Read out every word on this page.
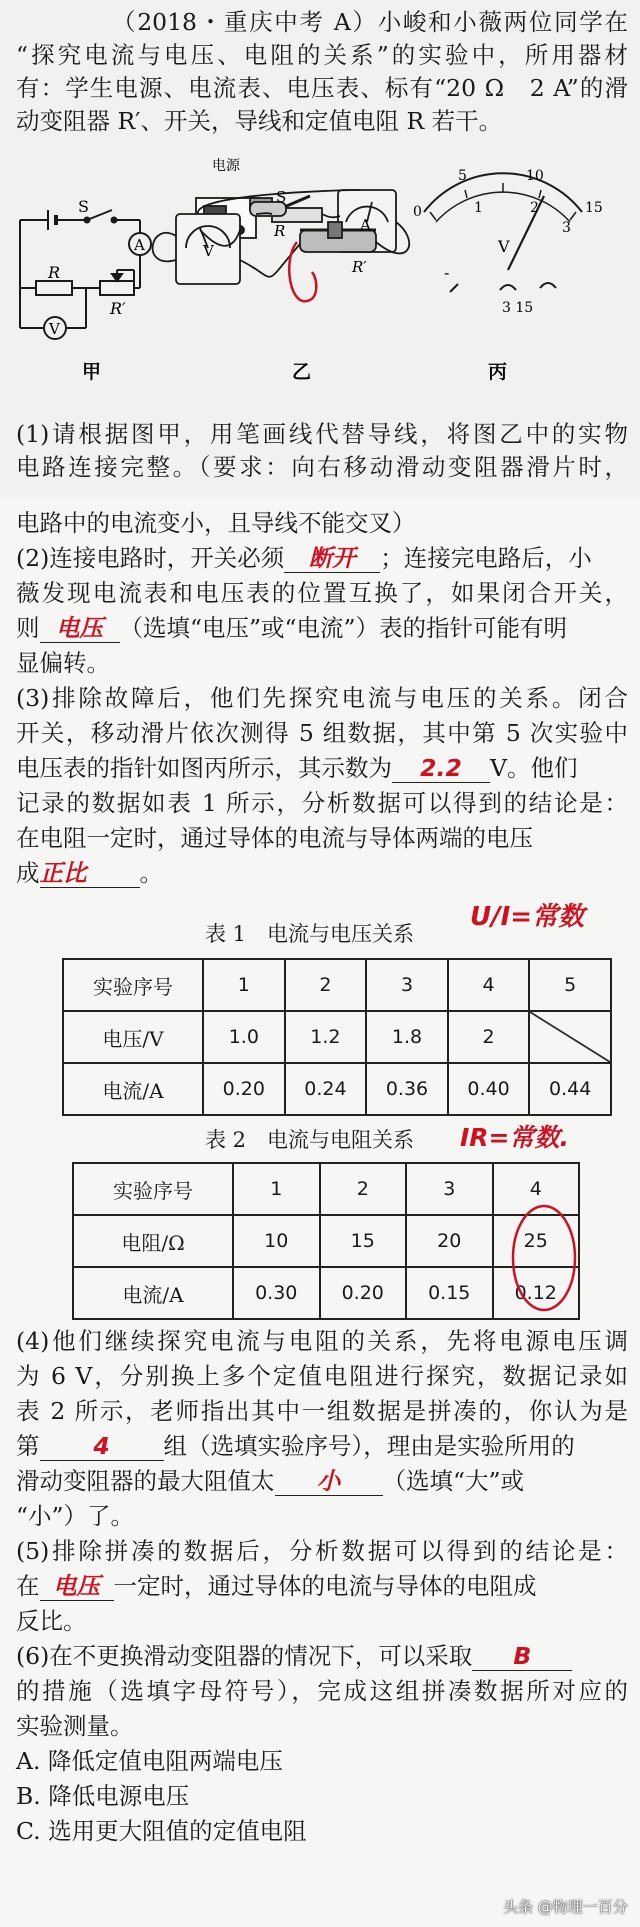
（2018・重庆中考 A）小峻和小薇两位同学在
“探究电流与电压、电阻的关系”的实验中，所用器材
有：学生电源、电流表、电压表、标有“20 Ω　2 A”的滑
动变阻器 R′、开关，导线和定值电阻 R 若干。
S
A
R
R′
V
甲
电源
S
A
V
R
R′
乙
5	10
15
0	1	2
3
V
-
3 15
丙
(1)请根据图甲，用笔画线代替导线，将图乙中的实物
电路连接完整。（要求：向右移动滑动变阻器滑片时，
电路中的电流变小，且导线不能交叉）
(2)连接电路时，开关必须 断开 ；连接完电路后，小
薇发现电流表和电压表的位置互换了，如果闭合开关，
则 电压 （选填“电压”或“电流”）表的指针可能有明
显偏转。
(3)排除故障后，他们先探究电流与电压的关系。闭合
开关，移动滑片依次测得 5 组数据，其中第 5 次实验中
电压表的指针如图丙所示，其示数为 2.2 V。他们
记录的数据如表 1 所示，分析数据可以得到的结论是：
在电阻一定时，通过导体的电流与导体两端的电压
成正比 。
表 1　电流与电压关系
U/I=常数
实验序号	1	2	3	4	5
电压/V	1.0	1.2	1.8	2	
电流/A	0.20	0.24	0.36	0.40	0.44
表 2　电流与电阻关系 IR=常数.
实验序号	1	2	3	4
电阻/Ω	10	15	20	25
电流/A	0.30	0.20	0.15	0.12
(4)他们继续探究电流与电阻的关系，先将电源电压调
为 6 V，分别换上多个定值电阻进行探究，数据记录如
表 2 所示，老师指出其中一组数据是拼凑的，你认为是
第 4 组（选填实验序号），理由是实验所用的
滑动变阻器的最大阻值太 小 （选填“大”或
“小”）了。
(5)排除拼凑的数据后，分析数据可以得到的结论是：
在 电压 一定时，通过导体的电流与导体的电阻成
反比。
(6)在不更换滑动变阻器的情况下，可以采取 B
的措施（选填字母符号），完成这组拼凑数据所对应的
实验测量。
A. 降低定值电阻两端电压
B. 降低电源电压
C. 选用更大阻值的定值电阻
头条 @物理一百分
